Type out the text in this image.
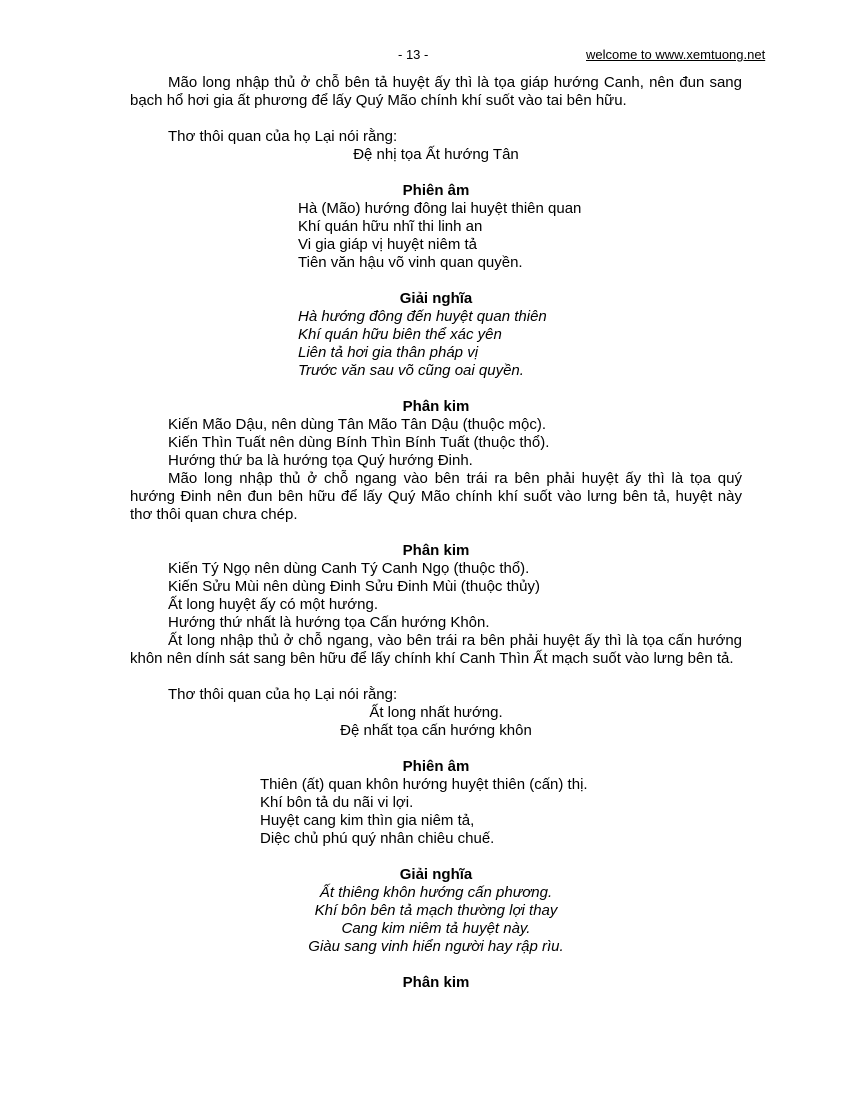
- 13 -	welcome to www.xemtuong.net

Mão long nhập thủ ở chỗ bên tả huyệt ấy thì là tọa giáp hướng Canh, nên đun sang bạch hổ hơi gia ất phương để lấy Quý Mão chính khí suốt vào tai bên hữu.

Thơ thôi quan của họ Lại nói rằng:

Đệ nhị tọa Ất hướng Tân

Phiên âm

Hà (Mão) hướng đông lai huyệt thiên quan

Khí quán hữu nhĩ thi linh an

Vi gia giáp vị huyệt niêm tả

Tiên văn hậu võ vinh quan quyền.

Giải nghĩa

Hà hướng đông đến huyệt quan thiên

Khí quán hữu biên thể xác yên

Liên tả hơi gia thân pháp vị

Trước văn sau võ cũng oai quyền.

Phân kim

Kiến Mão Dậu, nên dùng Tân Mão Tân Dậu (thuộc mộc).

Kiến Thìn Tuất nên dùng Bính Thìn Bính Tuất (thuộc thổ).

Hướng thứ ba là hướng tọa Quý hướng Đinh.

Mão long nhập thủ ở chỗ ngang vào bên trái ra bên phải huyệt ấy thì là tọa quý hướng Đinh nên đun bên hữu để lấy Quý Mão chính khí suốt vào lưng bên tả, huyệt này thơ thôi quan chưa chép.

Phân kim

Kiến Tý Ngọ nên dùng Canh Tý Canh Ngọ (thuộc thổ).

Kiến Sửu Mùi nên dùng Đinh Sửu Đinh Mùi (thuộc thủy)

Ất long huyệt ấy có một hướng.

Hướng thứ nhất là hướng tọa Cấn hướng Khôn.

Ất long nhập thủ ở chỗ ngang, vào bên trái ra bên phải huyệt ấy thì là tọa cấn hướng khôn nên dính sát sang bên hữu để lấy chính khí Canh Thìn Ất mạch suốt vào lưng bên tả.

Thơ thôi quan của họ Lại nói rằng:

Ất long nhất hướng.

Đệ nhất tọa cấn hướng khôn

Phiên âm

Thiên (ất) quan khôn hướng huyệt thiên (cấn) thị.

Khí bôn tả du nãi vi lợi.

Huyệt cang kim thìn gia niêm tả,

Diệc chủ phú quý nhân chiêu chuế.

Giải nghĩa

Ất thiêng khôn hướng cấn phương.

Khí bôn bên tả mạch thường lợi thay

Cang kim niêm tả huyệt này.

Giàu sang vinh hiển người hay rập rìu.

Phân kim
